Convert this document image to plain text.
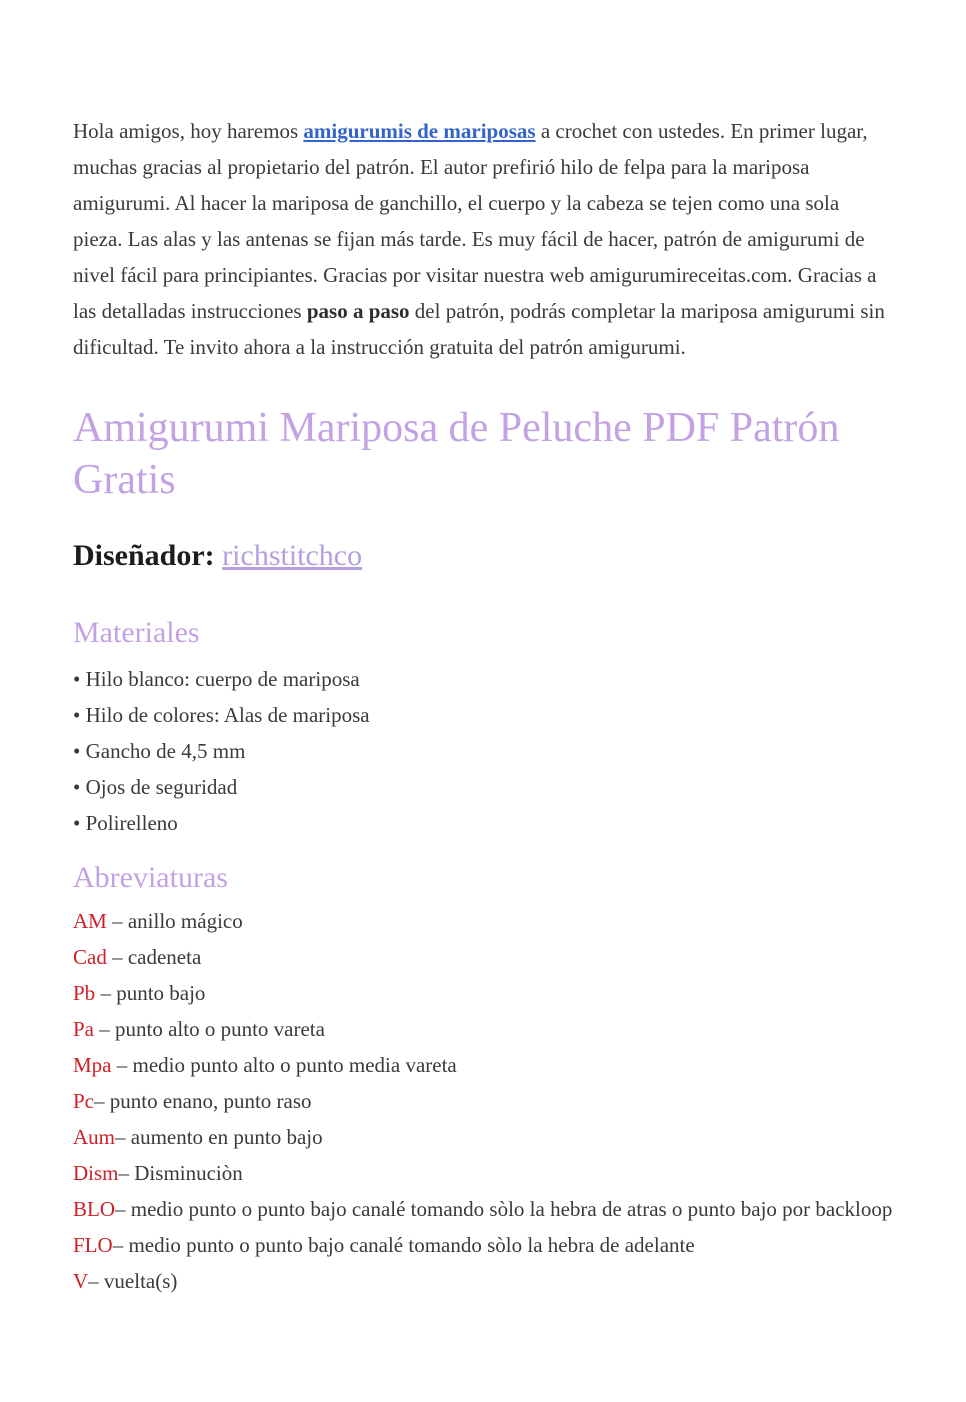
Hola amigos, hoy haremos amigurumis de mariposas a crochet con ustedes. En primer lugar, muchas gracias al propietario del patrón. El autor prefirió hilo de felpa para la mariposa amigurumi. Al hacer la mariposa de ganchillo, el cuerpo y la cabeza se tejen como una sola pieza. Las alas y las antenas se fijan más tarde. Es muy fácil de hacer, patrón de amigurumi de nivel fácil para principiantes. Gracias por visitar nuestra web amigurumireceitas.com. Gracias a las detalladas instrucciones paso a paso del patrón, podrás completar la mariposa amigurumi sin dificultad. Te invito ahora a la instrucción gratuita del patrón amigurumi.

Amigurumi Mariposa de Peluche PDF Patrón Gratis
Diseñador: richstitchco
Materiales
• Hilo blanco: cuerpo de mariposa
• Hilo de colores: Alas de mariposa
• Gancho de 4,5 mm
• Ojos de seguridad
• Polirelleno
Abreviaturas

AM – anillo mágico

Cad – cadeneta

Pb – punto bajo

Pa – punto alto o punto vareta

Mpa – medio punto alto o punto media vareta

Pc– punto enano, punto raso

Aum– aumento en punto bajo

Dism– Disminuciòn

BLO– medio punto o punto bajo canalé tomando sòlo la hebra de atras o punto bajo por backloop

FLO– medio punto o punto bajo canalé tomando sòlo la hebra de adelante

V– vuelta(s)
